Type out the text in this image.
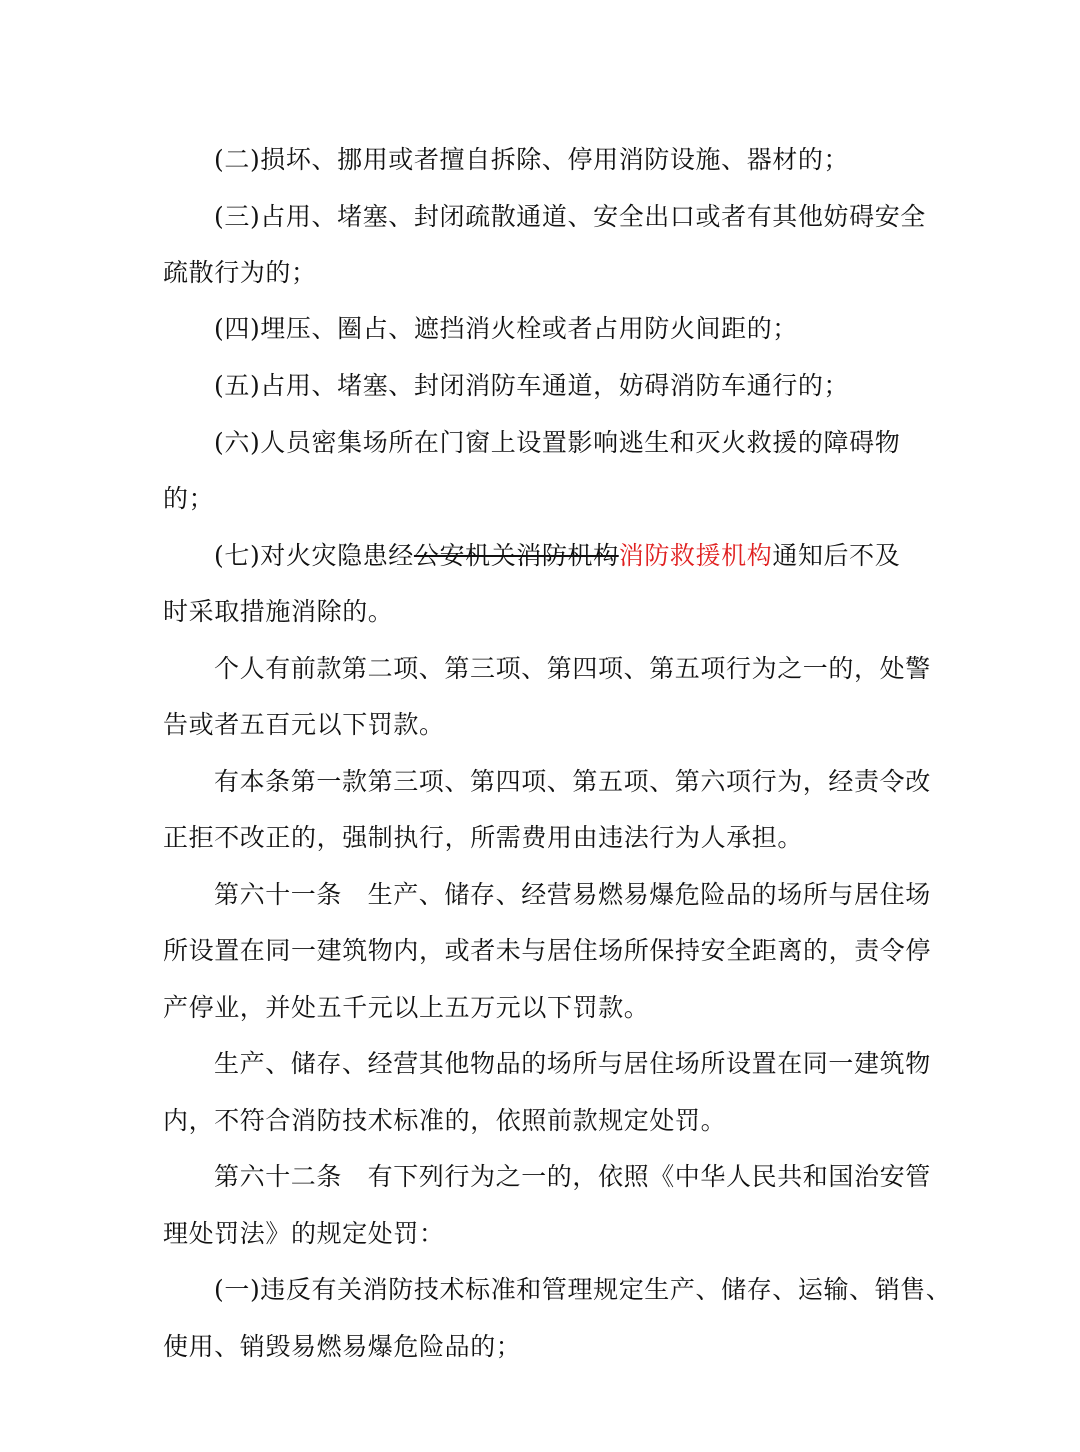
(二)损坏、挪用或者擅自拆除、停用消防设施、器材的；
(三)占用、堵塞、封闭疏散通道、安全出口或者有其他妨碍安全
疏散行为的；
(四)埋压、圈占、遮挡消火栓或者占用防火间距的；
(五)占用、堵塞、封闭消防车通道，妨碍消防车通行的；
(六)人员密集场所在门窗上设置影响逃生和灭火救援的障碍物
的；
(七)对火灾隐患经公安机关消防机构消防救援机构通知后不及
时采取措施消除的。
个人有前款第二项、第三项、第四项、第五项行为之一的，处警
告或者五百元以下罚款。
有本条第一款第三项、第四项、第五项、第六项行为，经责令改
正拒不改正的，强制执行，所需费用由违法行为人承担。
第六十一条　生产、储存、经营易燃易爆危险品的场所与居住场
所设置在同一建筑物内，或者未与居住场所保持安全距离的，责令停
产停业，并处五千元以上五万元以下罚款。
生产、储存、经营其他物品的场所与居住场所设置在同一建筑物
内，不符合消防技术标准的，依照前款规定处罚。
第六十二条　有下列行为之一的，依照《中华人民共和国治安管
理处罚法》的规定处罚：
(一)违反有关消防技术标准和管理规定生产、储存、运输、销售、
使用、销毁易燃易爆危险品的；
